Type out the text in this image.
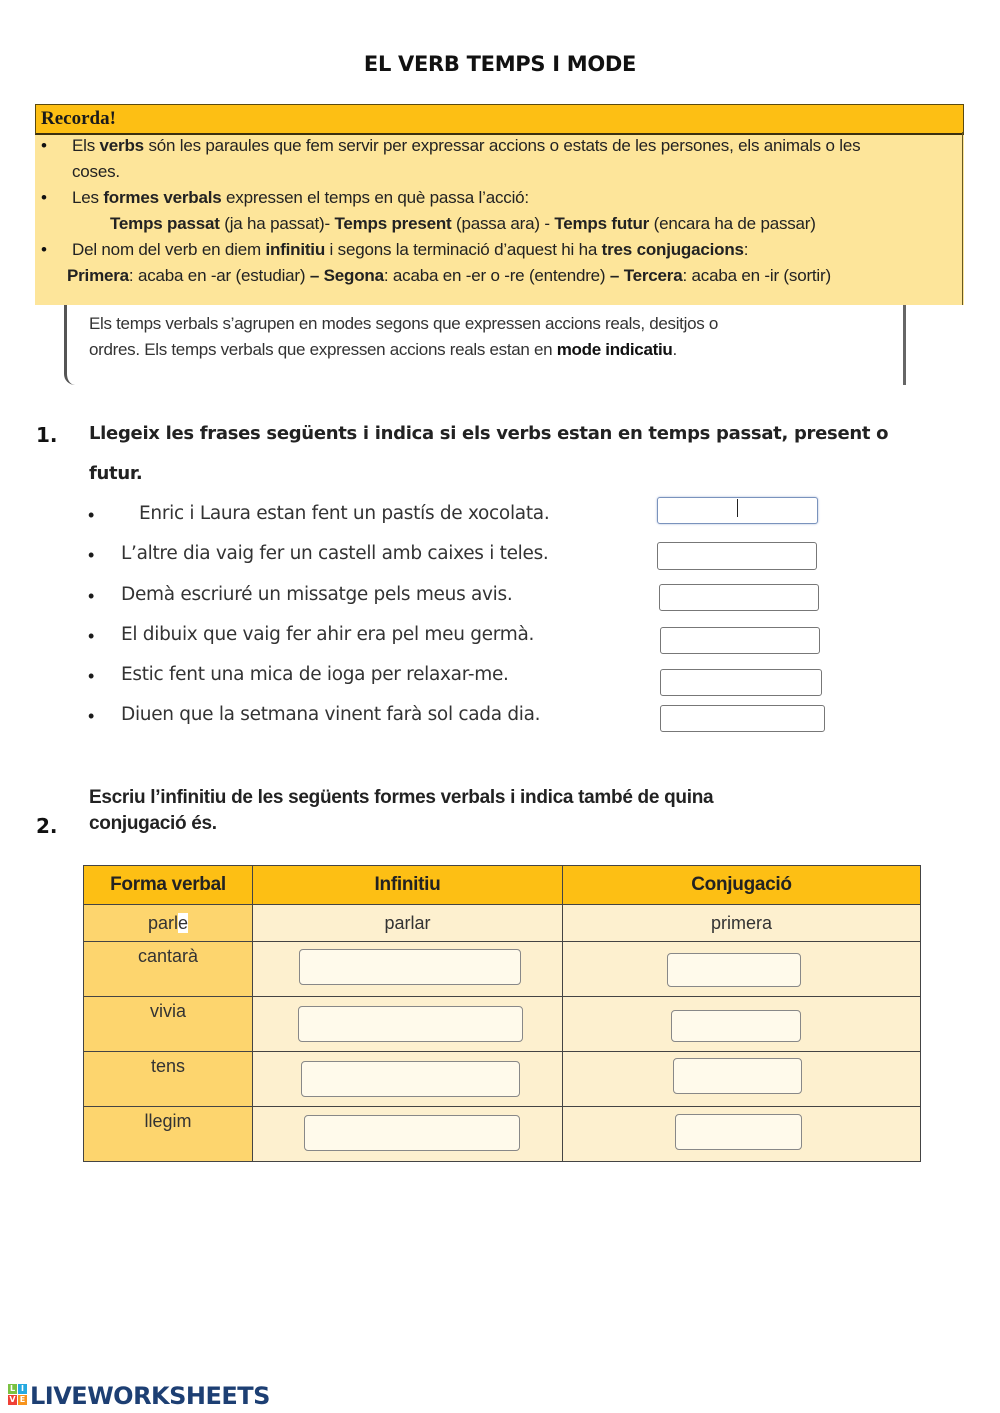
EL VERB TEMPS I MODE
• Els verbs són les paraules que fem servir per expressar accions o estats de les persones, els animals o les
coses.
• Les formes verbals expressen el temps en què passa l’acció:
Temps passat (ja ha passat)- Temps present (passa ara) - Temps futur (encara ha de passar)
• Del nom del verb en diem infinitiu i segons la terminació d’aquest hi ha tres conjugacions:
Primera: acaba en -ar (estudiar) – Segona: acaba en -er o -re (entendre) – Tercera: acaba en -ir (sortir)
Recorda!
Els temps verbals s’agrupen en modes segons que expressen accions reals, desitjos o
ordres. Els temps verbals que expressen accions reals estan en mode indicatiu.
1. Llegeix les frases següents i indica si els verbs estan en temps passat, present o
futur.
• Enric i Laura estan fent un pastís de xocolata.
• L’altre dia vaig fer un castell amb caixes i teles.
• Demà escriuré un missatge pels meus avis.
• El dibuix que vaig fer ahir era pel meu germà.
• Estic fent una mica de ioga per relaxar-me.
• Diuen que la setmana vinent farà sol cada dia.
Escriu l’infinitiu de les següents formes verbals i indica també de quina
2. conjugació és.
Forma verbal	Infinitiu	Conjugació
parle	parlar	primera
cantarà	

vivia	

tens	

llegim	

L I
V E LIVEWORKSHEETS
